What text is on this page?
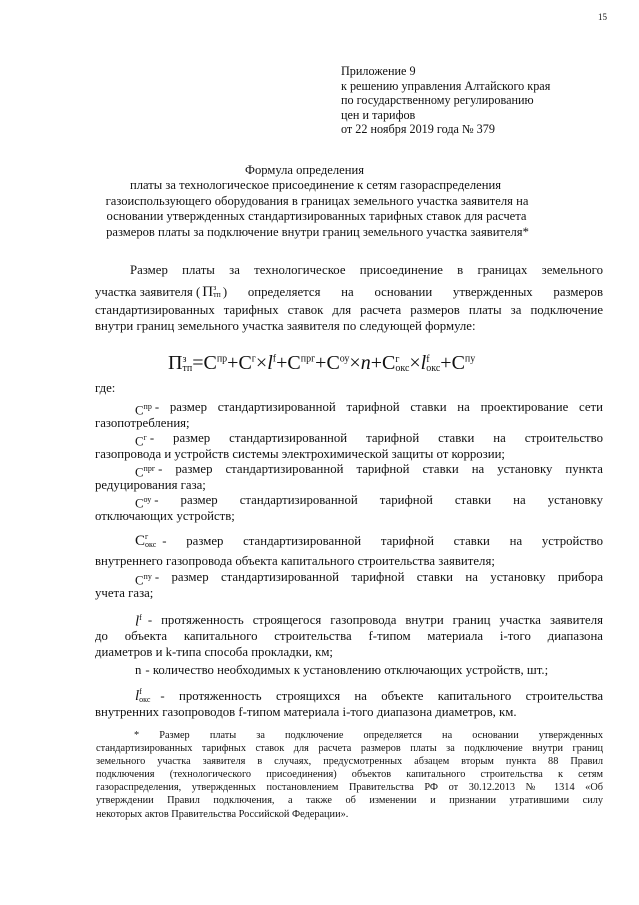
15
Приложение 9
к решению управления Алтайского края
по государственному регулированию
цен и тарифов
от 22 ноября 2019 года № 379
Формула определения
платы за технологическое присоединение к сетям газораспределения
газоиспользующего оборудования в границах земельного участка заявителя на
основании утвержденных стандартизированных тарифных ставок для расчета
размеров платы за подключение внутри границ земельного участка заявителя*
Размер платы за технологическое присоединение в границах земельного
участка заявителя ( П з
тп ) определяется на основании утвержденных размеров
стандартизированных тарифных ставок для расчета размеров платы за подключение
внутри границ земельного участка заявителя по следующей формуле:
П з
тп $=С^{пр}+С^г\times l^f+С^{прг}+С^{оу}\times n+С$ г
окс ×l f
окс $+С^{пу}$
где:
$С^{пр}$ - размер стандартизированной тарифной ставки на проектирование сети
газопотребления;
$С^г$ - размер стандартизированной тарифной ставки на строительство
газопровода и устройств системы электрохимической защиты от коррозии;
$С^{прг}$ - размер стандартизированной тарифной ставки на установку пункта
редуцирования газа;
$С^{оу}$ - размер стандартизированной тарифной ставки на установку
отключающих устройств;
С г
окс - размер стандартизированной тарифной ставки на устройство
внутреннего газопровода объекта капитального строительства заявителя;
$С^{пу}$ - размер стандартизированной тарифной ставки на установку прибора
учета газа;
$l^f$ - протяженность строящегося газопровода внутри границ участка заявителя
до объекта капитального строительства f-типом материала i-того диапазона
диаметров и k-типа способа прокладки, км;
n - количество необходимых к установлению отключающих устройств, шт.;
l f
окс - протяженность строящихся на объекте капитального строительства
внутренних газопроводов f-типом материала i-того диапазона диаметров, км.
* Размер платы за подключение определяется на основании утвержденных
стандартизированных тарифных ставок для расчета размеров платы за подключение внутри границ
земельного участка заявителя в случаях, предусмотренных абзацем вторым пункта 88 Правил
подключения (технологического присоединения) объектов капитального строительства к сетям
газораспределения, утвержденных постановлением Правительства РФ от 30.12.2013 № 1314 «Об
утверждении Правил подключения, а также об изменении и признании утратившими силу
некоторых актов Правительства Российской Федерации».
